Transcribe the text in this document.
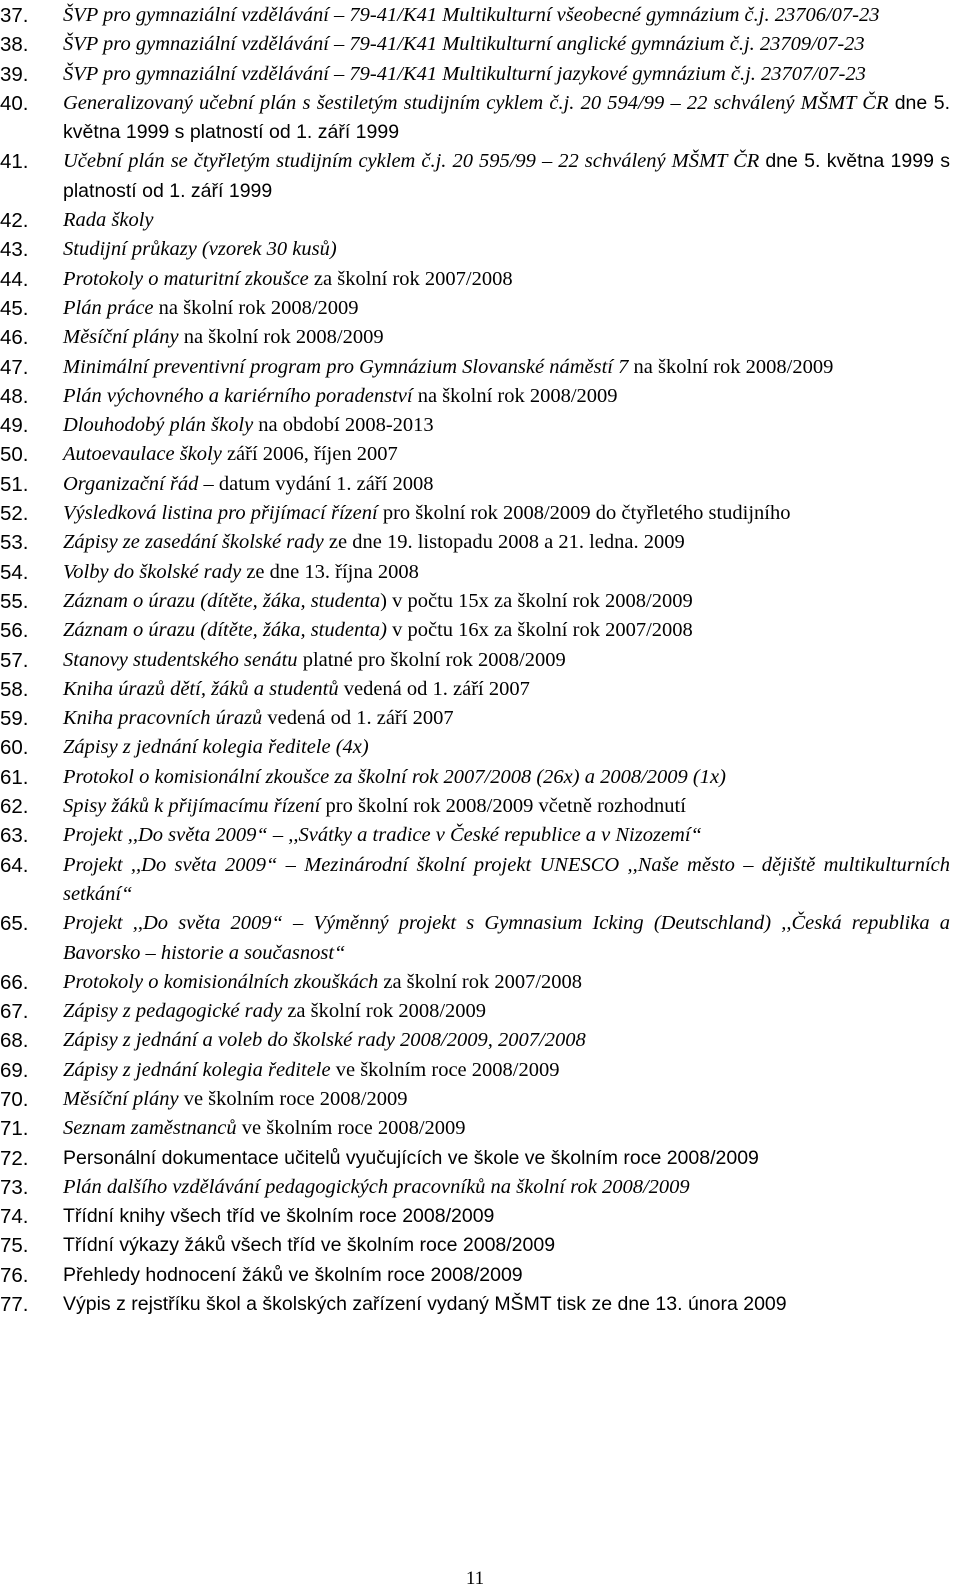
37. ŠVP pro gymnaziální vzdělávání – 79-41/K41 Multikulturní všeobecné gymnázium č.j. 23706/07-23
38. ŠVP pro gymnaziální vzdělávání – 79-41/K41 Multikulturní anglické gymnázium č.j. 23709/07-23
39. ŠVP pro gymnaziální vzdělávání – 79-41/K41 Multikulturní jazykové gymnázium č.j. 23707/07-23
40. Generalizovaný učební plán s šestiletým studijním cyklem č.j. 20 594/99 – 22 schválený MŠMT ČR dne 5. května 1999 s platností od 1. září 1999
41. Učební plán se čtyřletým studijním cyklem č.j. 20 595/99 – 22 schválený MŠMT ČR dne 5. května 1999 s platností od 1. září 1999
42. Rada školy
43. Studijní průkazy (vzorek 30 kusů)
44. Protokoly o maturitní zkoušce za školní rok 2007/2008
45. Plán práce na školní rok 2008/2009
46. Měsíční plány na školní rok 2008/2009
47. Minimální preventivní program pro Gymnázium Slovanské náměstí 7 na školní rok 2008/2009
48. Plán výchovného a kariérního poradenství na školní rok 2008/2009
49. Dlouhodobý plán školy na období 2008-2013
50. Autoevaulace školy září 2006, říjen 2007
51. Organizační řád – datum vydání 1. září 2008
52. Výsledková listina pro přijímací řízení pro školní rok 2008/2009 do čtyřletého studijního
53. Zápisy ze zasedání školské rady ze dne 19. listopadu 2008 a 21. ledna. 2009
54. Volby do školské rady ze dne 13. října 2008
55. Záznam o úrazu (dítěte, žáka, studenta) v počtu 15x za školní rok 2008/2009
56. Záznam o úrazu (dítěte, žáka, studenta) v počtu 16x za školní rok 2007/2008
57. Stanovy studentského senátu platné pro školní rok 2008/2009
58. Kniha úrazů dětí, žáků a studentů vedená od 1. září 2007
59. Kniha pracovních úrazů vedená od 1. září 2007
60. Zápisy z jednání kolegia ředitele (4x)
61. Protokol o komisionální zkoušce za školní rok 2007/2008 (26x) a 2008/2009 (1x)
62. Spisy žáků k přijímacímu řízení pro školní rok 2008/2009 včetně rozhodnutí
63. Projekt ,,Do světa 2009“ – ,,Svátky a tradice v České republice a v Nizozemí“
64. Projekt ,,Do světa 2009“ – Mezinárodní školní projekt UNESCO ,,Naše město – dějiště multikulturních setkání“
65. Projekt ,,Do světa 2009“ – Výměnný projekt s Gymnasium Icking (Deutschland) ,,Česká republika a Bavorsko – historie a současnost“
66. Protokoly o komisionálních zkouškách za školní rok 2007/2008
67. Zápisy z pedagogické rady za školní rok 2008/2009
68. Zápisy z jednání a voleb do školské rady 2008/2009, 2007/2008
69. Zápisy z jednání kolegia ředitele ve školním roce 2008/2009
70. Měsíční plány ve školním roce 2008/2009
71. Seznam zaměstnanců ve školním roce 2008/2009
72. Personální dokumentace učitelů vyučujících ve škole ve školním roce 2008/2009
73. Plán dalšího vzdělávání pedagogických pracovníků na školní rok 2008/2009
74. Třídní knihy všech tříd ve školním roce 2008/2009
75. Třídní výkazy žáků všech tříd ve školním roce 2008/2009
76. Přehledy hodnocení žáků ve školním roce 2008/2009
77. Výpis z rejstříku škol a školských zařízení vydaný MŠMT tisk ze dne 13. února 2009
11
